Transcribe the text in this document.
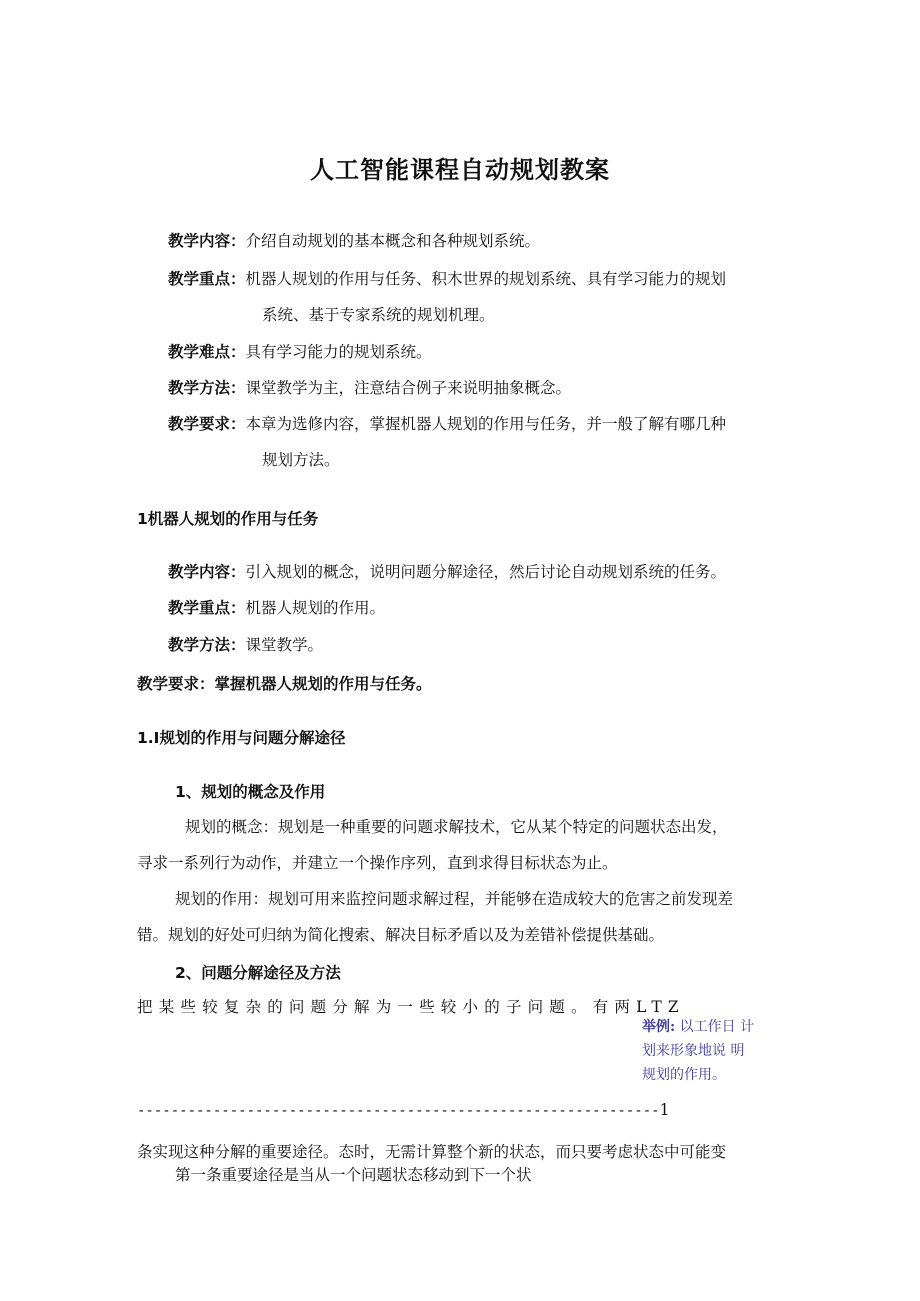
人工智能课程自动规划教案
教学内容：介绍自动规划的基本概念和各种规划系统。
教学重点：机器人规划的作用与任务、积木世界的规划系统、具有学习能力的规划
系统、基于专家系统的规划机理。
教学难点：具有学习能力的规划系统。
教学方法：课堂教学为主，注意结合例子来说明抽象概念。
教学要求：本章为选修内容，掌握机器人规划的作用与任务，并一般了解有哪几种
规划方法。
1机器人规划的作用与任务
教学内容：引入规划的概念，说明问题分解途径，然后讨论自动规划系统的任务。
教学重点：机器人规划的作用。
教学方法：课堂教学。
教学要求：掌握机器人规划的作用与任务。
1.I规划的作用与问题分解途径
1、规划的概念及作用
规划的概念：规划是一种重要的问题求解技术，它从某个特定的问题状态出发，
寻求一系列行为动作，并建立一个操作序列，直到求得目标状态为止。
规划的作用：规划可用来监控问题求解过程，并能够在造成较大的危害之前发现差
错。规划的好处可归纳为简化搜索、解决目标矛盾以及为差错补偿提供基础。
2、问题分解途径及方法
把某些较复杂的问题分解为一些较小的子问题。有两LTZ
举例: 以工作日 计
划来形象地说 明
规划的作用。
--------------------------------------------------------------1
条实现这种分解的重要途径。态时，无需计算整个新的状态，而只要考虑状态中可能变
第一条重要途径是当从一个问题状态移动到下一个状
